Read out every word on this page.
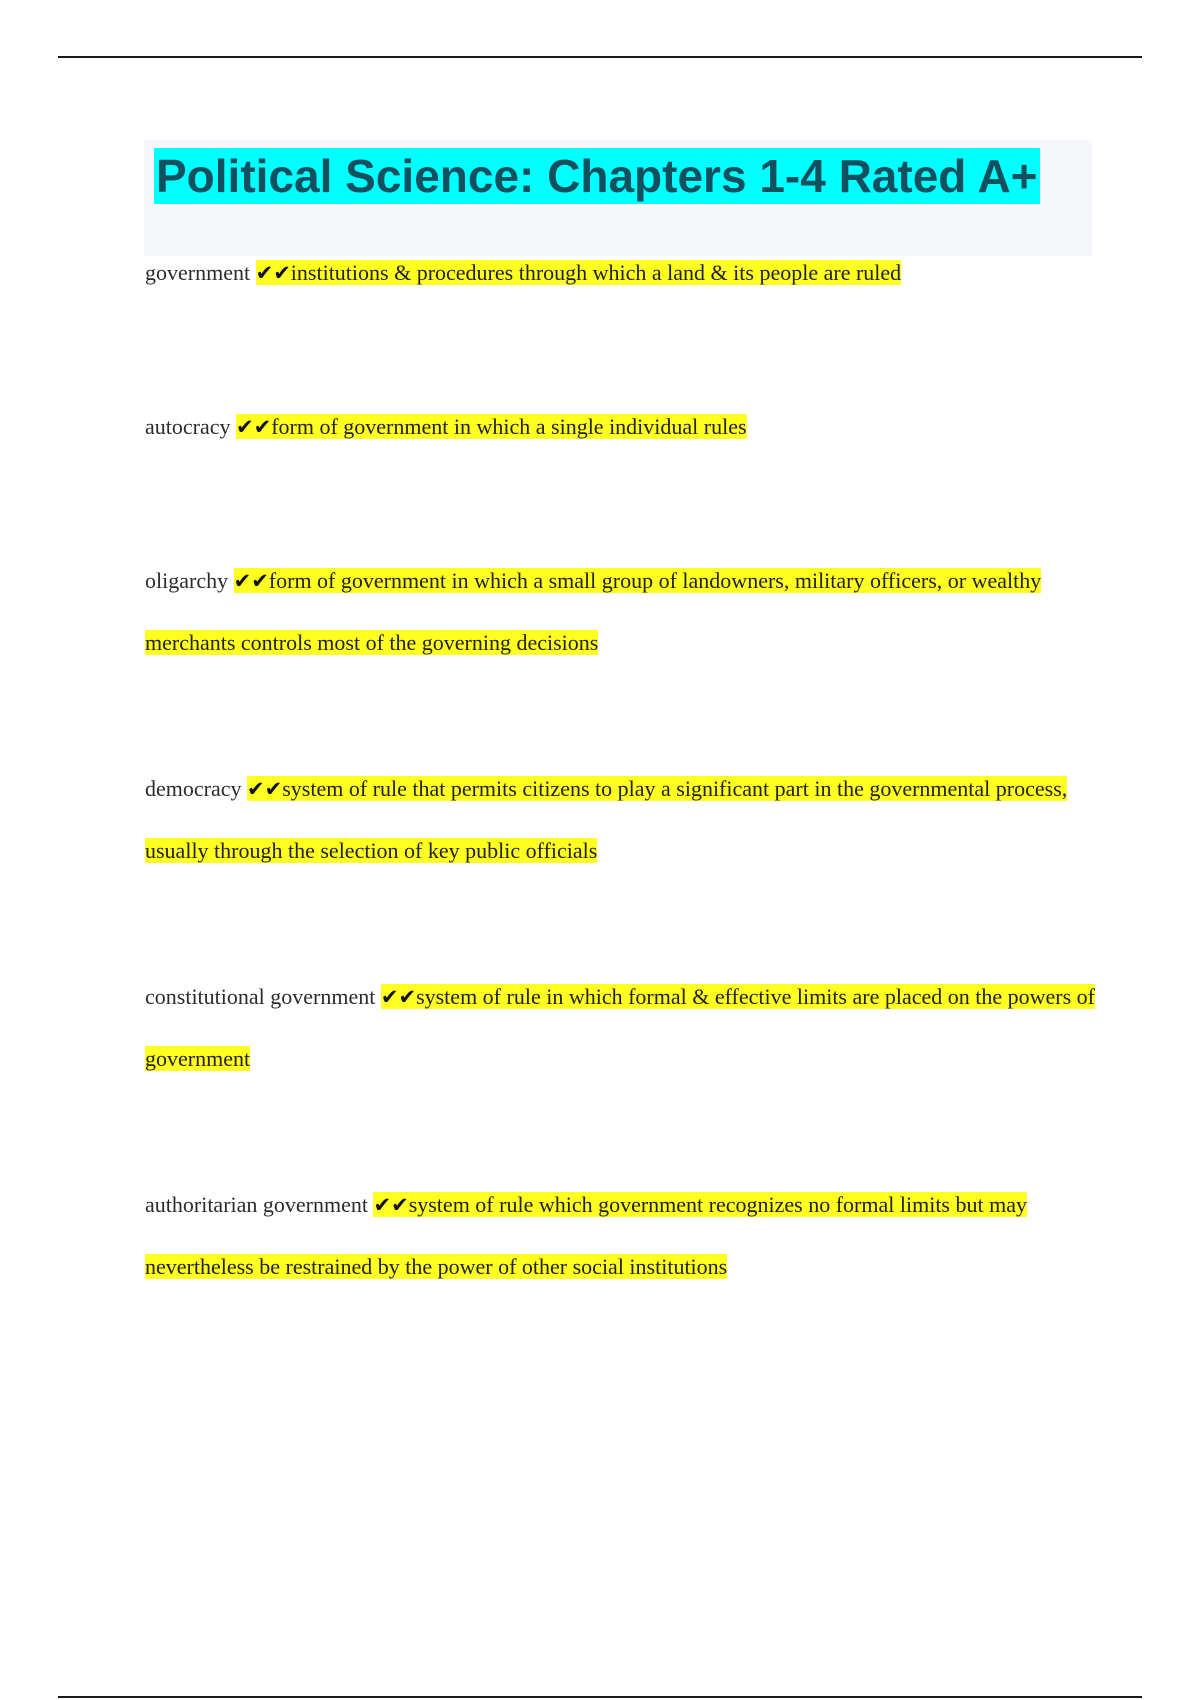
Political Science: Chapters 1-4 Rated A+

government ✔✔institutions & procedures through which a land & its people are ruled

autocracy ✔✔form of government in which a single individual rules

oligarchy ✔✔form of government in which a small group of landowners, military officers, or wealthy merchants controls most of the governing decisions

democracy ✔✔system of rule that permits citizens to play a significant part in the governmental process, usually through the selection of key public officials

constitutional government ✔✔system of rule in which formal & effective limits are placed on the powers of government

authoritarian government ✔✔system of rule which government recognizes no formal limits but may nevertheless be restrained by the power of other social institutions
